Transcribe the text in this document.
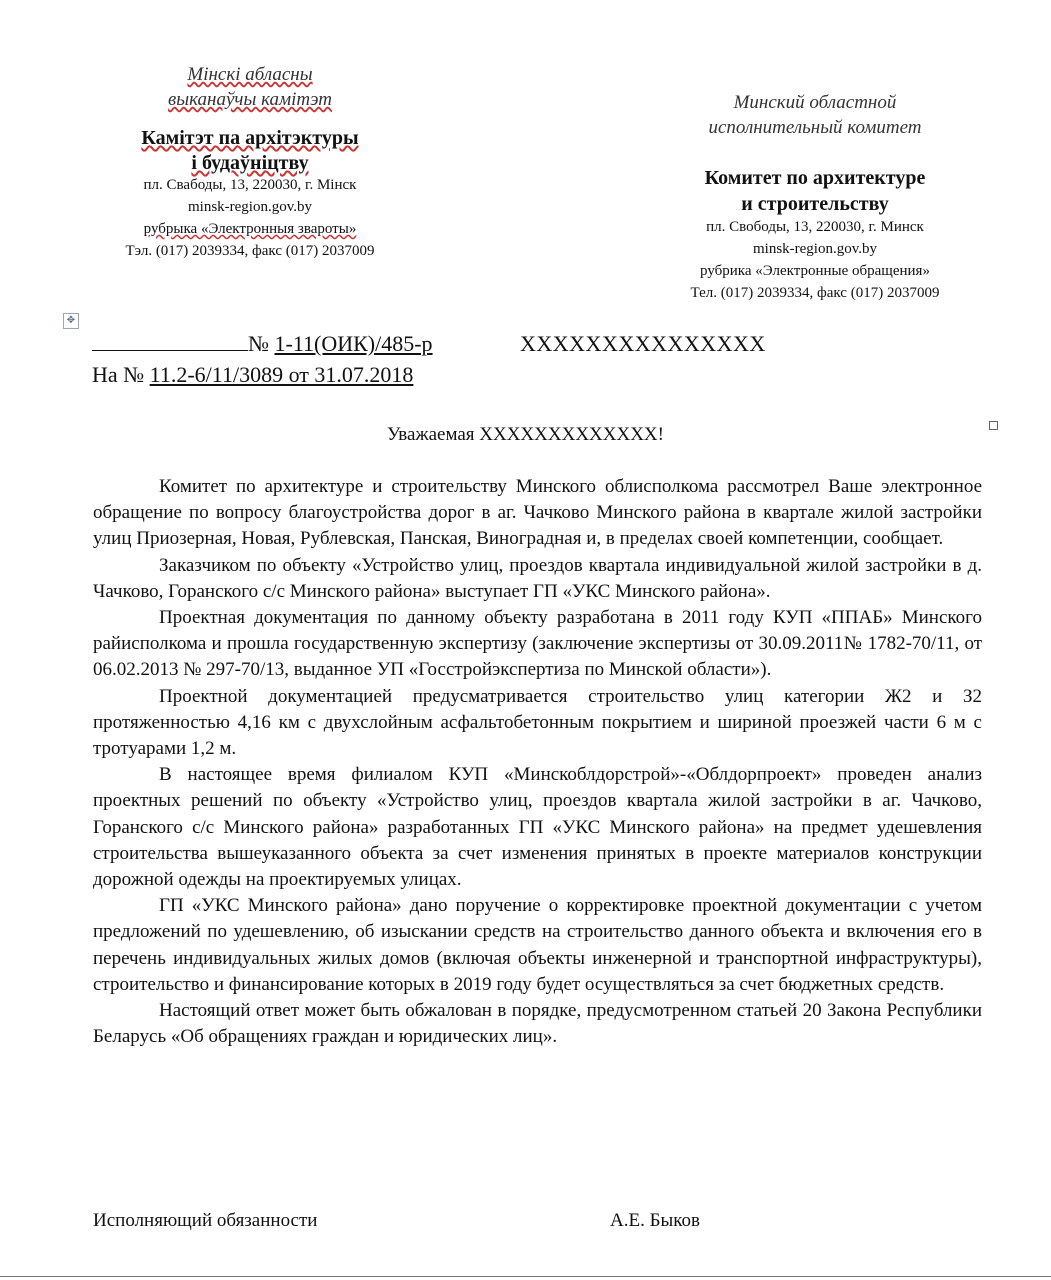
Мінскі абласны
выканаўчы камітэт
Камітэт па архітэктуры
і будаўніцтву
пл. Свабоды, 13, 220030, г. Мінск
minsk-region.gov.by
рубрыка «Электронныя звароты»
Тэл. (017) 2039334, факс (017) 2037009
Минский областной
исполнительный комитет
Комитет по архитектуре
и строительству
пл. Свободы, 13, 220030, г. Минск
minsk-region.gov.by
рубрика «Электронные обращения»
Тел. (017) 2039334, факс (017) 2037009
✥
№ 1-11(ОИК)/485-р
На № 11.2-6/11/3089 от 31.07.2018
ХХХХХХХХХХХХХХХ
Уважаемая ХХХХХХХХХХХХХ!

Комитет по архитектуре и строительству Минского облисполкома рассмотрел Ваше электронное обращение по вопросу благоустройства дорог в аг. Чачково Минского района в квартале жилой застройки улиц Приозерная, Новая, Рублевская, Панская, Виноградная и, в пределах своей компетенции, сообщает.

Заказчиком по объекту «Устройство улиц, проездов квартала индивидуальной жилой застройки в д. Чачково, Горанского с/с Минского района» выступает ГП «УКС Минского района».

Проектная документация по данному объекту разработана в 2011 году КУП «ППАБ» Минского райисполкома и прошла государственную экспертизу (заключение экспертизы от 30.09.2011№ 1782-70/11, от 06.02.2013 № 297-70/13, выданное УП «Госстройэкспертиза по Минской области»).

Проектной документацией предусматривается строительство улиц категории Ж2 и З2 протяженностью 4,16 км с двухслойным асфальтобетонным покрытием и шириной проезжей части 6 м с тротуарами 1,2 м.

В настоящее время филиалом КУП «Минскоблдорстрой»-«Облдорпроект» проведен анализ проектных решений по объекту «Устройство улиц, проездов квартала жилой застройки в аг. Чачково, Горанского с/с Минского района» разработанных ГП «УКС Минского района» на предмет удешевления строительства вышеуказанного объекта за счет изменения принятых в проекте материалов конструкции дорожной одежды на проектируемых улицах.

ГП «УКС Минского района» дано поручение о корректировке проектной документации с учетом предложений по удешевлению, об изыскании средств на строительство данного объекта и включения его в перечень индивидуальных жилых домов (включая объекты инженерной и транспортной инфраструктуры), строительство и финансирование которых в 2019 году будет осуществляться за счет бюджетных средств.

Настоящий ответ может быть обжалован в порядке, предусмотренном статьей 20 Закона Республики Беларусь «Об обращениях граждан и юридических лиц».

Исполняющий обязанности	А.Е. Быков
